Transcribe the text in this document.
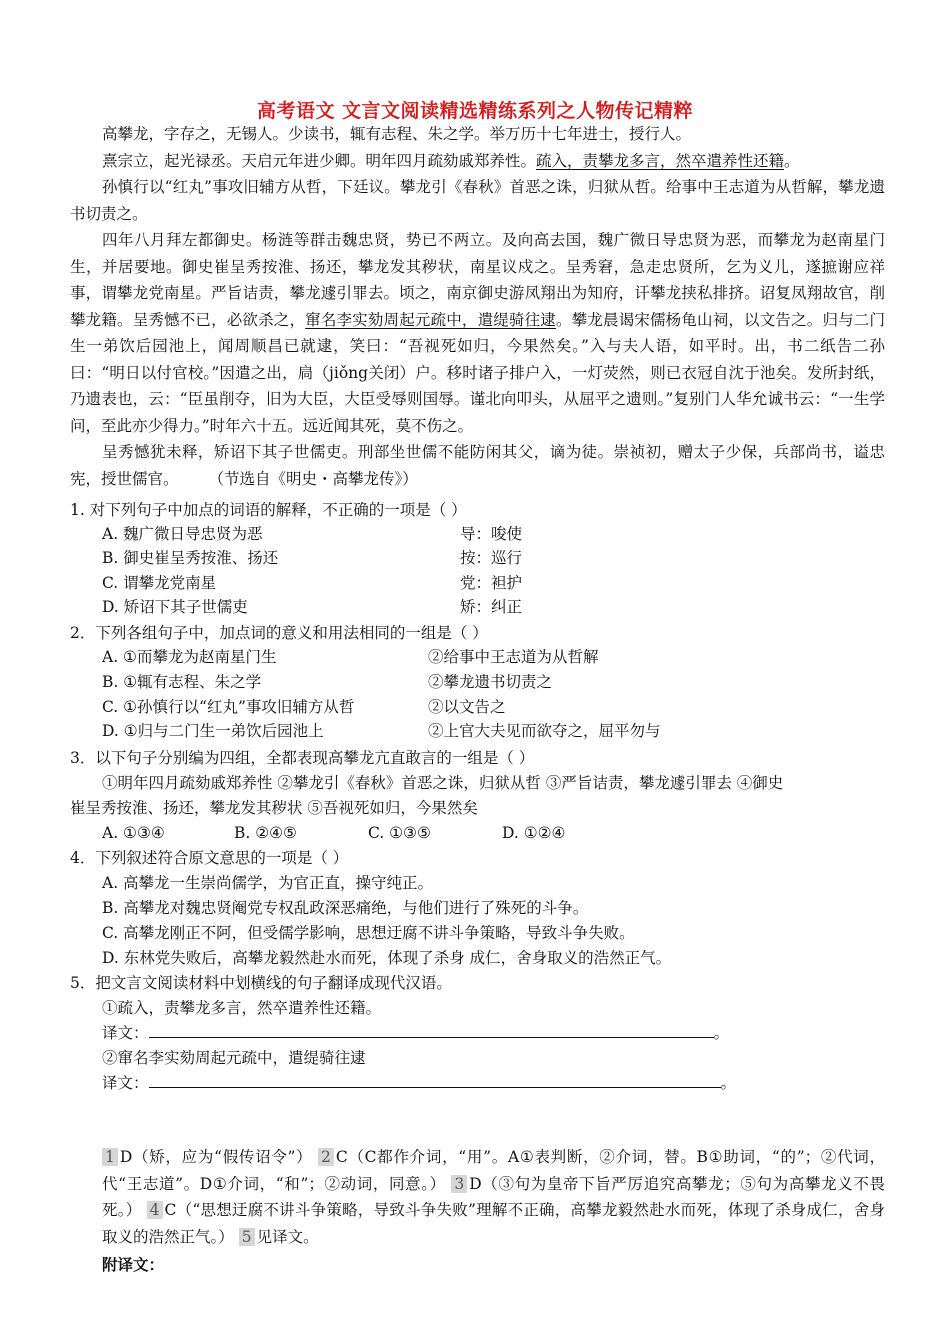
高考语文 文言文阅读精选精练系列之人物传记精粹

高攀龙，字存之，无锡人。少读书，辄有志程、朱之学。举万历十七年进士，授行人。

熹宗立，起光禄丞。天启元年进少卿。明年四月疏劾戚郑养性。疏入，责攀龙多言，然卒遣养性还籍。

孙慎行以“红丸”事攻旧辅方从哲，下廷议。攀龙引《春秋》首恶之诛，归狱从哲。给事中王志道为从哲解，攀龙遗书切责之。

四年八月拜左都御史。杨涟等群击魏忠贤，势已不两立。及向高去国，魏广微日导忠贤为恶，而攀龙为赵南星门生，并居要地。御史崔呈秀按淮、扬还，攀龙发其秽状，南星议戍之。呈秀窘，急走忠贤所，乞为义儿，遂摭谢应祥事，谓攀龙党南星。严旨诘责，攀龙遽引罪去。顷之，南京御史游凤翔出为知府，讦攀龙挟私排挤。诏复凤翔故官，削攀龙籍。呈秀憾不已，必欲杀之，窜名李实劾周起元疏中，遣缇骑往逮。攀龙晨谒宋儒杨龟山祠，以文告之。归与二门生一弟饮后园池上，闻周顺昌已就逮，笑曰：“吾视死如归，今果然矣。”入与夫人语，如平时。出，书二纸告二孙曰：“明日以付官校。”因遣之出，扃（jiǒng关闭）户。移时诸子排户入，一灯荧然，则已衣冠自沈于池矣。发所封纸，乃遗表也，云：“臣虽削夺，旧为大臣，大臣受辱则国辱。谨北向叩头，从屈平之遗则。”复别门人华允诚书云：“一生学问，至此亦少得力。”时年六十五。远近闻其死，莫不伤之。

呈秀憾犹未释，矫诏下其子世儒吏。刑部坐世儒不能防闲其父，谪为徒。崇祯初，赠太子少保，兵部尚书，谥忠宪，授世儒官。 （节选自《明史・高攀龙传》）

1. 对下列句子中加点的词语的解释，不正确的一项是（ ）
A. 魏广微日导忠贤为恶	导：唆使
B. 御史崔呈秀按淮、扬还	按：巡行
C. 谓攀龙党南星	党：袒护
D. 矫诏下其子世儒吏	矫：纠正
2．下列各组句子中，加点词的意义和用法相同的一组是（ ）
A. ①而攀龙为赵南星门生	②给事中王志道为从哲解
B. ①辄有志程、朱之学	②攀龙遗书切责之
C. ①孙慎行以“红丸”事攻旧辅方从哲	②以文告之
D. ①归与二门生一弟饮后园池上	②上官大夫见而欲夺之，屈平勿与
3．以下句子分别编为四组，全都表现高攀龙亢直敢言的一组是（ ）
①明年四月疏劾戚郑养性 ②攀龙引《春秋》首恶之诛，归狱从哲 ③严旨诘责，攀龙遽引罪去 ④御史
崔呈秀按淮、扬还，攀龙发其秽状 ⑤吾视死如归，今果然矣
A. ①③④	B. ②④⑤	C. ①③⑤	D. ①②④
4．下列叙述符合原文意思的一项是（ ）
A. 高攀龙一生崇尚儒学，为官正直，操守纯正。
B. 高攀龙对魏忠贤阉党专权乱政深恶痛绝，与他们进行了殊死的斗争。
C. 高攀龙刚正不阿，但受儒学影响，思想迂腐不讲斗争策略，导致斗争失败。
D. 东林党失败后，高攀龙毅然赴水而死，体现了杀身 成仁，舍身取义的浩然正气。
5．把文言文阅读材料中划横线的句子翻译成现代汉语。
①疏入，责攀龙多言，然卒遣养性还籍。
译文：	。
②窜名李实劾周起元疏中，遣缇骑往逮
译文：	。
1 D（矫，应为“假传诏令”） 2 C（C都作介词，“用”。A①表判断，②介词，替。B①助词，“的”；②代词，代“王志道”。D①介词，“和”；②动词，同意。） 3 D（③句为皇帝下旨严厉追究高攀龙；⑤句为高攀龙义不畏死。） 4 C（“思想迂腐不讲斗争策略，导致斗争失败”理解不正确，高攀龙毅然赴水而死，体现了杀身成仁，舍身取义的浩然正气。） 5 见译文。
附译文：
